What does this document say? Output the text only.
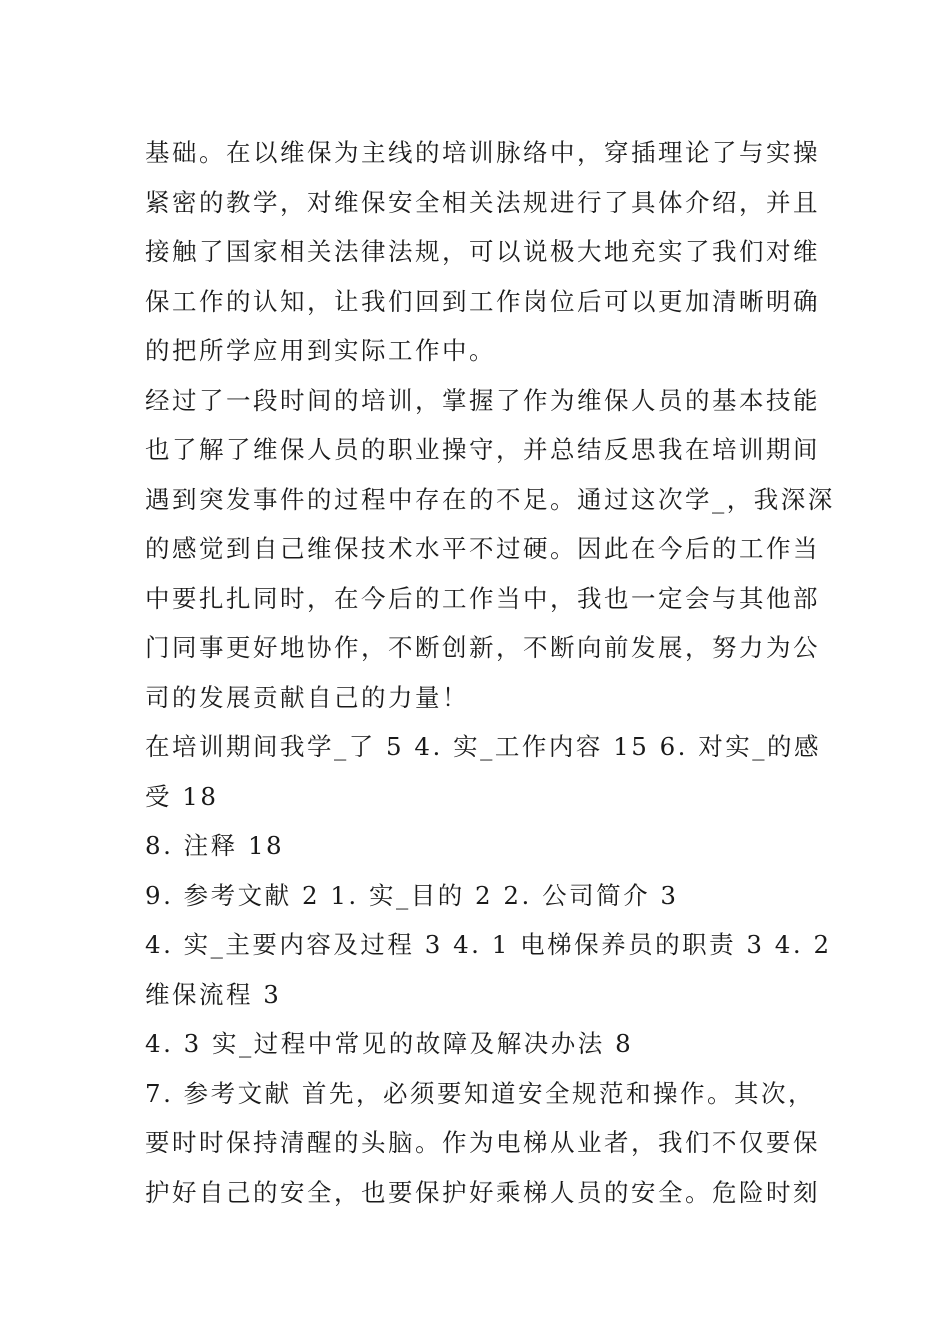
基础。在以维保为主线的培训脉络中，穿插理论了与实操
紧密的教学，对维保安全相关法规进行了具体介绍，并且
接触了国家相关法律法规，可以说极大地充实了我们对维
保工作的认知，让我们回到工作岗位后可以更加清晰明确
的把所学应用到实际工作中。
经过了一段时间的培训，掌握了作为维保人员的基本技能
也了解了维保人员的职业操守，并总结反思我在培训期间
遇到突发事件的过程中存在的不足。通过这次学_，我深深
的感觉到自己维保技术水平不过硬。因此在今后的工作当
中要扎扎同时，在今后的工作当中，我也一定会与其他部
门同事更好地协作，不断创新，不断向前发展，努力为公
司的发展贡献自己的力量！
在培训期间我学_了 5 4. 实_工作内容 15 6. 对实_的感
受 18
8. 注释 18
9. 参考文献 2 1. 实_目的 2 2. 公司简介 3
4. 实_主要内容及过程 3 4. 1 电梯保养员的职责 3 4. 2
维保流程 3
4. 3 实_过程中常见的故障及解决办法 8
7. 参考文献 首先，必须要知道安全规范和操作。其次，
要时时保持清醒的头脑。作为电梯从业者，我们不仅要保
护好自己的安全，也要保护好乘梯人员的安全。危险时刻
